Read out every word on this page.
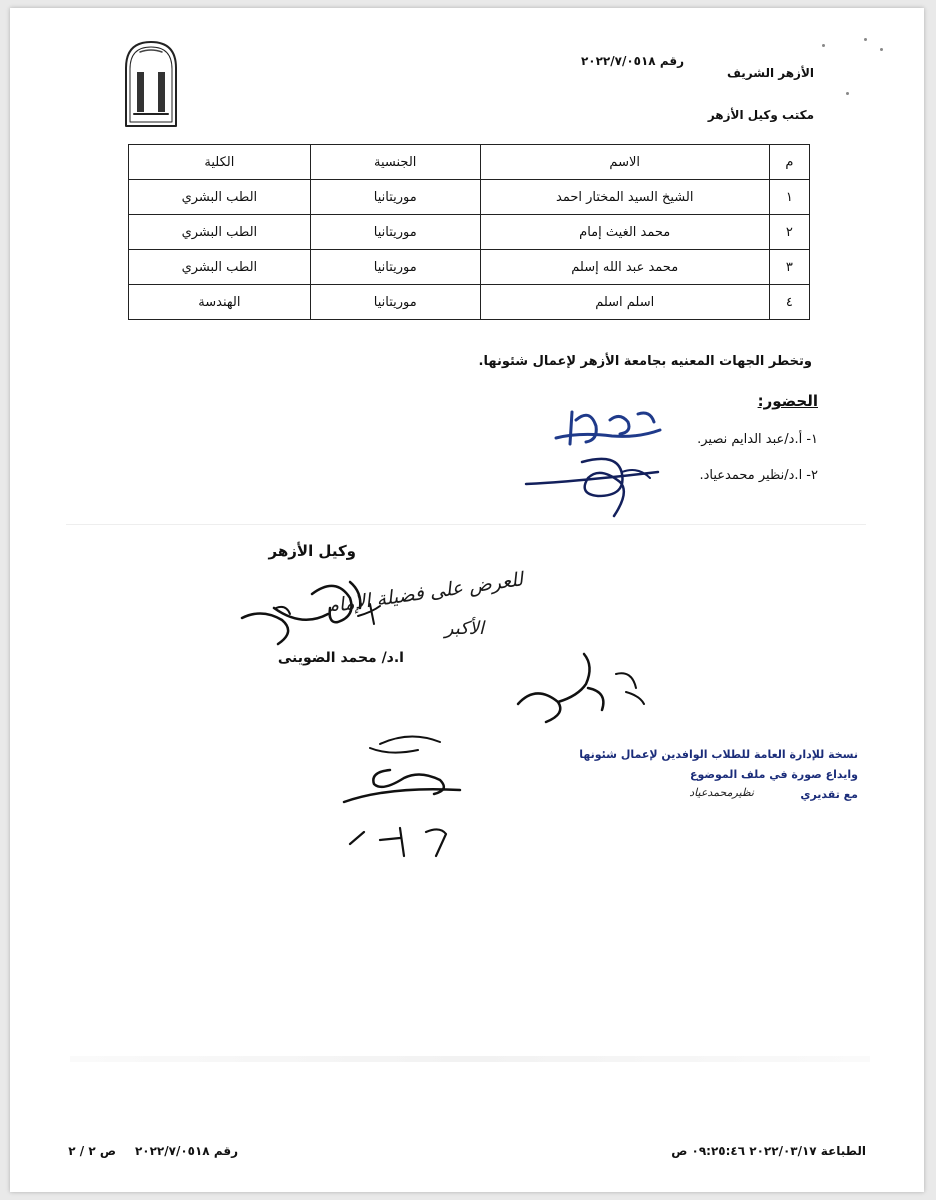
الأزهر الشريف
مكتب وكيل الأزهر
رقم ٢٠٢٢/٧/٠٥١٨
م	الاسم	الجنسية	الكلية
١	الشيخ السيد المختار احمد	موريتانيا	الطب البشري
٢	محمد الغيث إمام	موريتانيا	الطب البشري
٣	محمد عبد الله إسلم	موريتانيا	الطب البشري
٤	اسلم اسلم	موريتانيا	الهندسة
وتخطر الجهات المعنيه بجامعة الأزهر لإعمال شئونها.
الحضور:
١- أ.د/عبد الدايم نصير.
٢- ا.د/نظير محمدعياد.
وكيل الأزهر
ا.د/ محمد الضوينى
للعرض على فضيلة الإمام
الأكبر
نسخة للإدارة العامة للطلاب الوافدين لإعمال شئونها
وايداع صورة في ملف الموضوع
مع تقديري
نظيرمحمدعياد
الطباعة ٢٠٢٢/٠٣/١٧ ٠٩:٢٥:٤٦ ص
رقم ٢٠٢٢/٧/٠٥١٨
ص ٢ / ٢
